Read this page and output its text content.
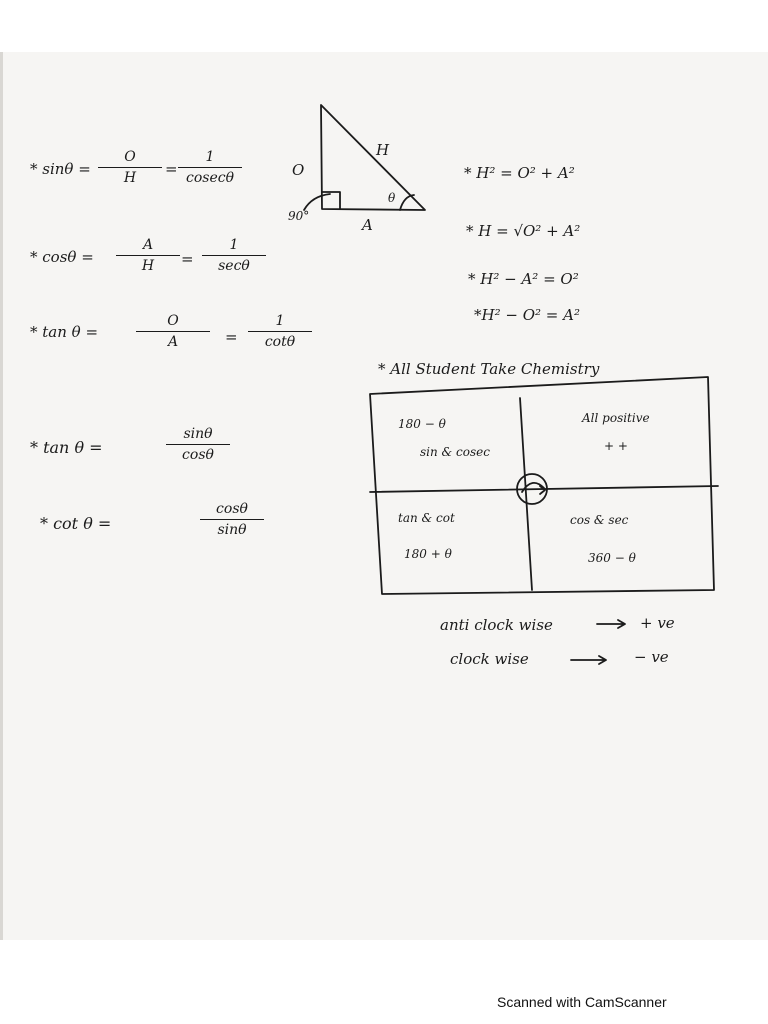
* sinθ =
O
H	=
1
cosecθ
* cosθ =
A
H	=
1
secθ
* tan θ =
O
A	=
1
cotθ
* tan θ =
sinθ
cosθ
* cot θ =
cosθ
sinθ
O
H
A
θ
90°
* H² = O² + A²
* H = √O² + A²
* H² − A² = O²
*H² − O² = A²
* All Student Take Chemistry
180 − θ
sin & cosec
All positive
+ +
tan & cot
180 + θ
cos & sec
360 − θ
anti clock wise	+ ve
clock wise	− ve
Scanned with CamScanner
